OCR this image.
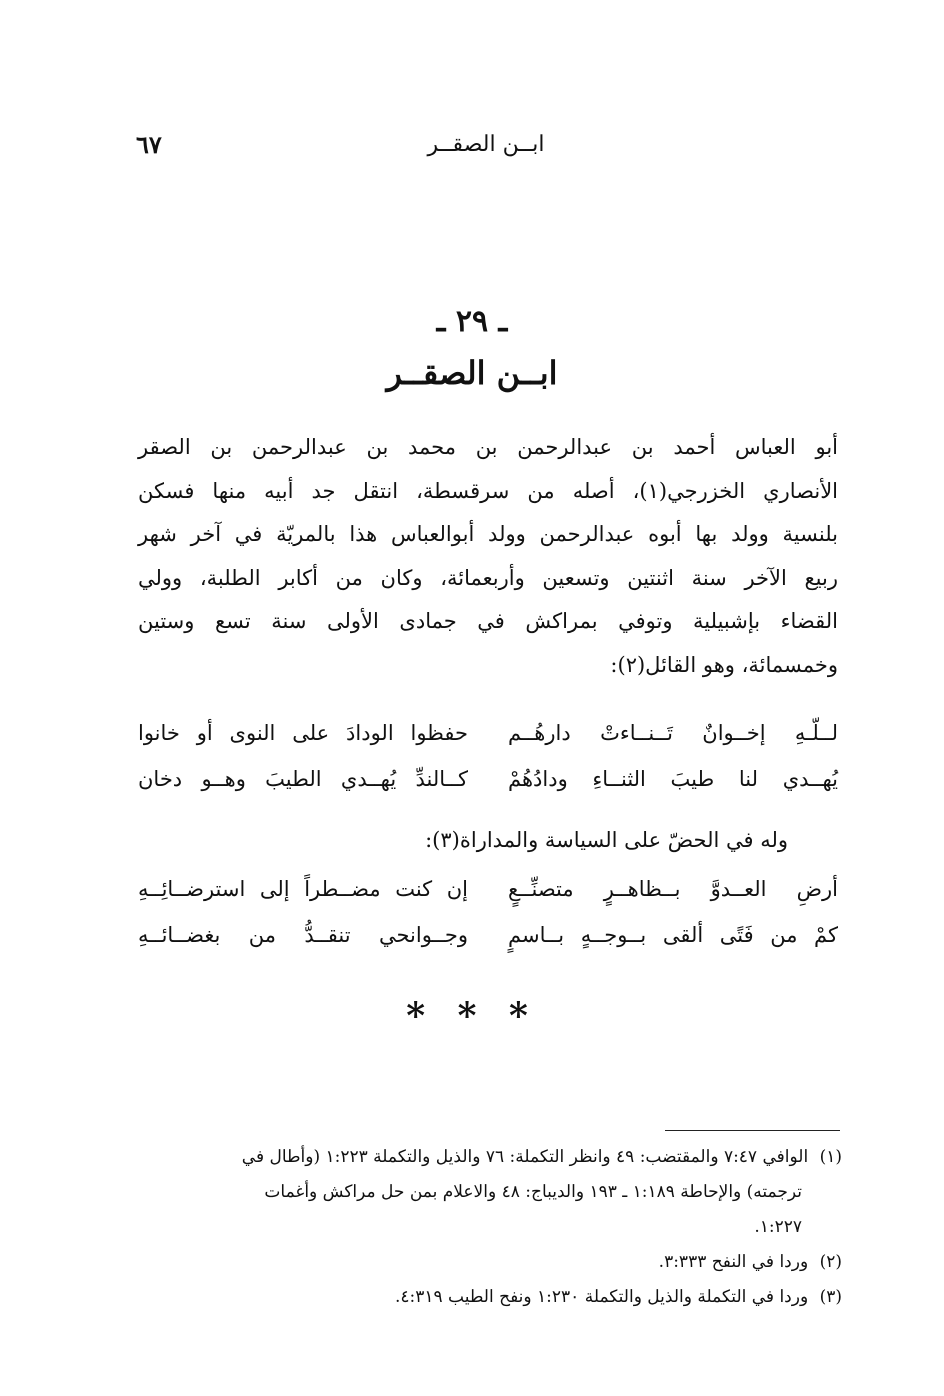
ابــن الصقــر
٦٧
ـ ٢٩ ـ
ابــن الصقــر
أبو العباس أحمد بن عبدالرحمن بن محمد بن عبدالرحمن بن الصقر
الأنصاري الخزرجي(١)، أصله من سرقسطة، انتقل جد أبيه منها فسكن
بلنسية وولد بها أبوه عبدالرحمن وولد أبوالعباس هذا بالمريّة في آخر شهر
ربيع الآخر سنة اثنتين وتسعين وأربعمائة، وكان من أكابر الطلبة، وولي
القضاء بإشبيلية وتوفي بمراكش في جمادى الأولى سنة تسع وستين
وخمسمائة، وهو القائل(٢):
لــلّـهِ إخــوانٌ تَــنــاءتْ دارهُــم
حفظوا الودادَ على النوى أو خانوا
يُهــدي لنا طيبَ الثنــاءِ ودادُهُمْ
كــالندِّ يُهــدي الطيبَ وهــو دخان
وله في الحضّ على السياسة والمداراة(٣):
أرضِ العــدوَّ بــظاهــرٍ متصنِّــعٍ
إن كنت مضــطراً إلى استرضــائِــهِ
كمْ من فَتًى ألقى بــوجــهٍ بــاسمٍ
وجــوانحي تنقــدُّ من بغضــائــهِ
* * *
(١) الوافي ٧:٤٧ والمقتضب: ٤٩ وانظر التكملة: ٧٦ والذيل والتكملة ١:٢٢٣ (وأطال في
ترجمته) والإحاطة ١:١٨٩ ـ ١٩٣ والديباج: ٤٨ والاعلام بمن حل مراكش وأغمات
١:٢٢٧.
(٢) وردا في النفح ٣:٣٣٣.
(٣) وردا في التكملة والذيل والتكملة ١:٢٣٠ ونفح الطيب ٤:٣١٩.
